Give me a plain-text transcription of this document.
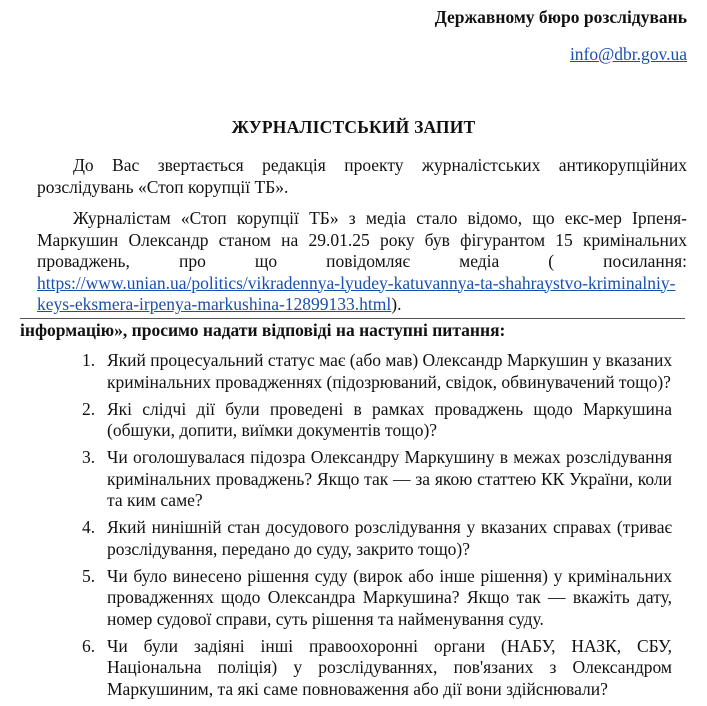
Державному бюро розслідувань
info@dbr.gov.ua
ЖУРНАЛІСТСЬКИЙ ЗАПИТ
До Вас звертається редакція проекту журналістських антикорупційних
розслідувань «Стоп корупції ТБ».
Журналістам «Стоп корупції ТБ» з медіа стало відомо, що екс-мер Ірпеня-
Маркушин Олександр станом на 29.01.25 року був фігурантом 15 кримінальних
проваджень, про що повідомляє медіа ( посилання:
https://www.unian.ua/politics/vikradennya-lyudey-katuvannya-ta-shahraystvo-kriminalniy-
keys-eksmera-irpenya-markushina-12899133.html).
інформацію», просимо надати відповіді на наступні питання:
1. Який процесуальний статус має (або мав) Олександр Маркушин у вказаних
кримінальних провадженнях (підозрюваний, свідок, обвинувачений тощо)?
2. Які слідчі дії були проведені в рамках проваджень щодо Маркушина
(обшуки, допити, виїмки документів тощо)?
3. Чи оголошувалася підозра Олександру Маркушину в межах розслідування
кримінальних проваджень? Якщо так — за якою статтею КК України, коли
та ким саме?
4. Який нинішній стан досудового розслідування у вказаних справах (триває
розслідування, передано до суду, закрито тощо)?
5. Чи було винесено рішення суду (вирок або інше рішення) у кримінальних
провадженнях щодо Олександра Маркушина? Якщо так — вкажіть дату,
номер судової справи, суть рішення та найменування суду.
6. Чи були задіяні інші правоохоронні органи (НАБУ, НАЗК, СБУ,
Національна поліція) у розслідуваннях, пов'язаних з Олександром
Маркушиним, та які саме повноваження або дії вони здійснювали?
